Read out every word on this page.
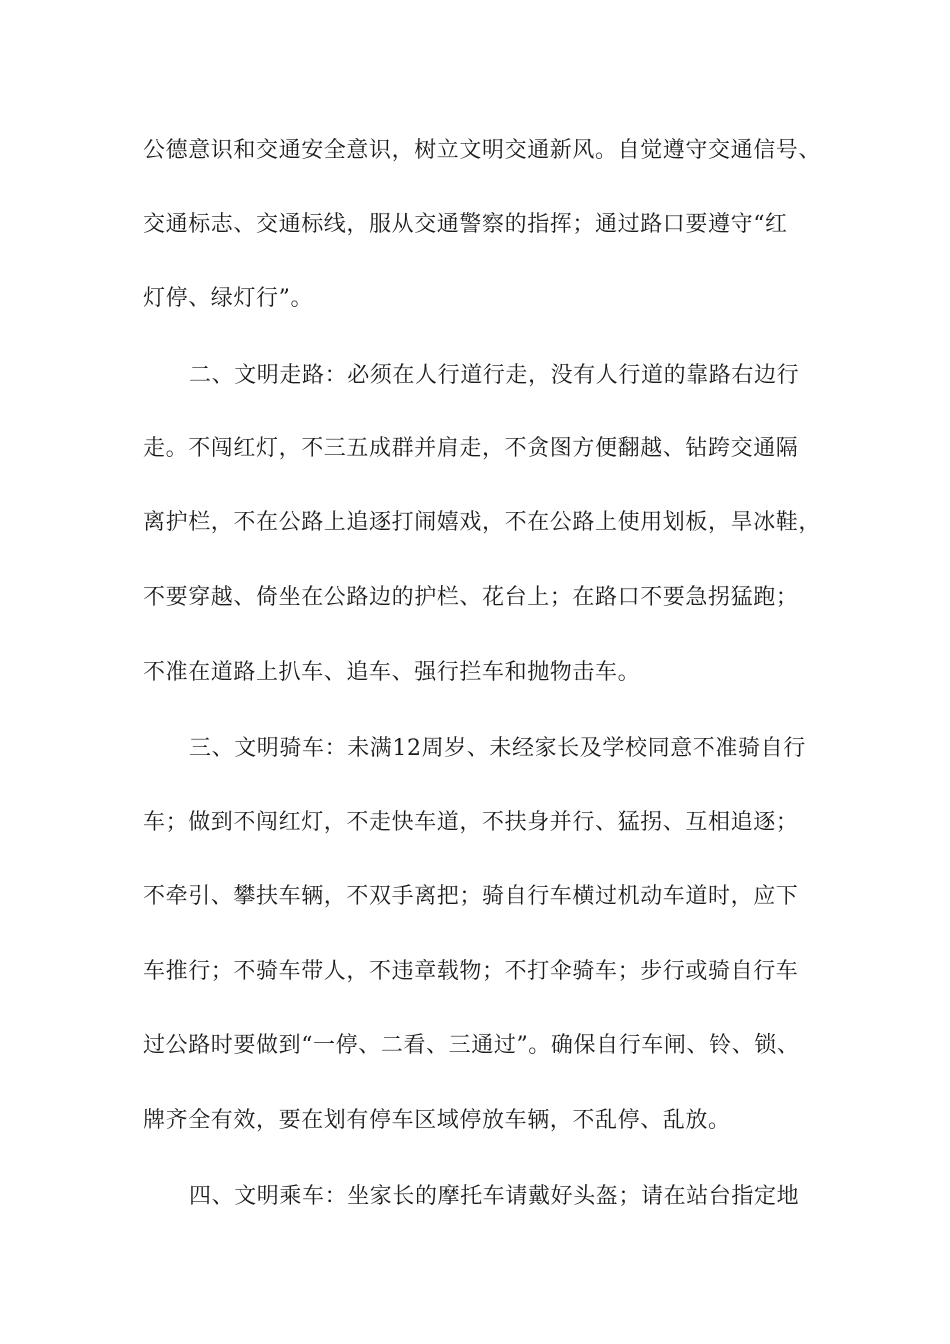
公德意识和交通安全意识，树立文明交通新风。自觉遵守交通信号、

交通标志、交通标线，服从交通警察的指挥；通过路口要遵守“红

灯停、绿灯行”。

二、文明走路：必须在人行道行走，没有人行道的靠路右边行

走。不闯红灯，不三五成群并肩走，不贪图方便翻越、钻跨交通隔

离护栏，不在公路上追逐打闹嬉戏，不在公路上使用划板，旱冰鞋，

不要穿越、倚坐在公路边的护栏、花台上；在路口不要急拐猛跑；

不准在道路上扒车、追车、强行拦车和抛物击车。

三、文明骑车：未满12周岁、未经家长及学校同意不准骑自行

车；做到不闯红灯，不走快车道，不扶身并行、猛拐、互相追逐；

不牵引、攀扶车辆，不双手离把；骑自行车横过机动车道时，应下

车推行；不骑车带人，不违章载物；不打伞骑车；步行或骑自行车

过公路时要做到“一停、二看、三通过”。确保自行车闸、铃、锁、

牌齐全有效，要在划有停车区域停放车辆，不乱停、乱放。

四、文明乘车：坐家长的摩托车请戴好头盔；请在站台指定地
